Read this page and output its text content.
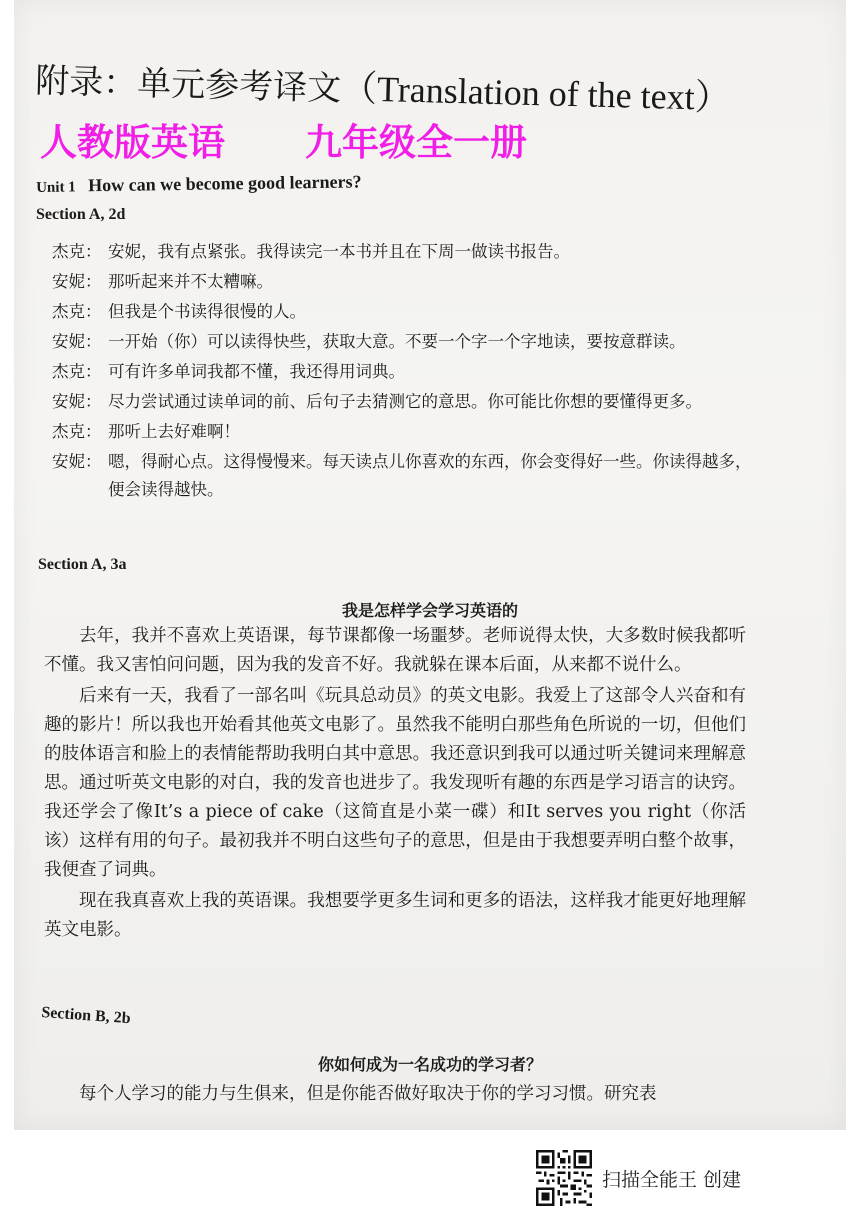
附录：单元参考译文（Translation of the text）
人教版英语 九年级全一册
Unit 1 How can we become good learners?
Section A, 2d
杰克： 安妮，我有点紧张。我得读完一本书并且在下周一做读书报告。
安妮： 那听起来并不太糟嘛。
杰克： 但我是个书读得很慢的人。
安妮： 一开始（你）可以读得快些，获取大意。不要一个字一个字地读，要按意群读。
杰克： 可有许多单词我都不懂，我还得用词典。
安妮： 尽力尝试通过读单词的前、后句子去猜测它的意思。你可能比你想的要懂得更多。
杰克： 那听上去好难啊！
安妮： 嗯，得耐心点。这得慢慢来。每天读点儿你喜欢的东西，你会变得好一些。你读得越多，便会读得越快。
Section A, 3a
我是怎样学会学习英语的

去年，我并不喜欢上英语课，每节课都像一场噩梦。老师说得太快，大多数时候我都听不懂。我又害怕问问题，因为我的发音不好。我就躲在课本后面，从来都不说什么。

后来有一天，我看了一部名叫《玩具总动员》的英文电影。我爱上了这部令人兴奋和有趣的影片！所以我也开始看其他英文电影了。虽然我不能明白那些角色所说的一切，但他们的肢体语言和脸上的表情能帮助我明白其中意思。我还意识到我可以通过听关键词来理解意思。通过听英文电影的对白，我的发音也进步了。我发现听有趣的东西是学习语言的诀窍。我还学会了像It’s a piece of cake（这简直是小菜一碟）和It serves you right（你活该）这样有用的句子。最初我并不明白这些句子的意思，但是由于我想要弄明白整个故事，我便查了词典。

现在我真喜欢上我的英语课。我想要学更多生词和更多的语法，这样我才能更好地理解英文电影。

Section B, 2b
你如何成为一名成功的学习者？
每个人学习的能力与生俱来，但是你能否做好取决于你的学习习惯。研究表
扫描全能王 创建
